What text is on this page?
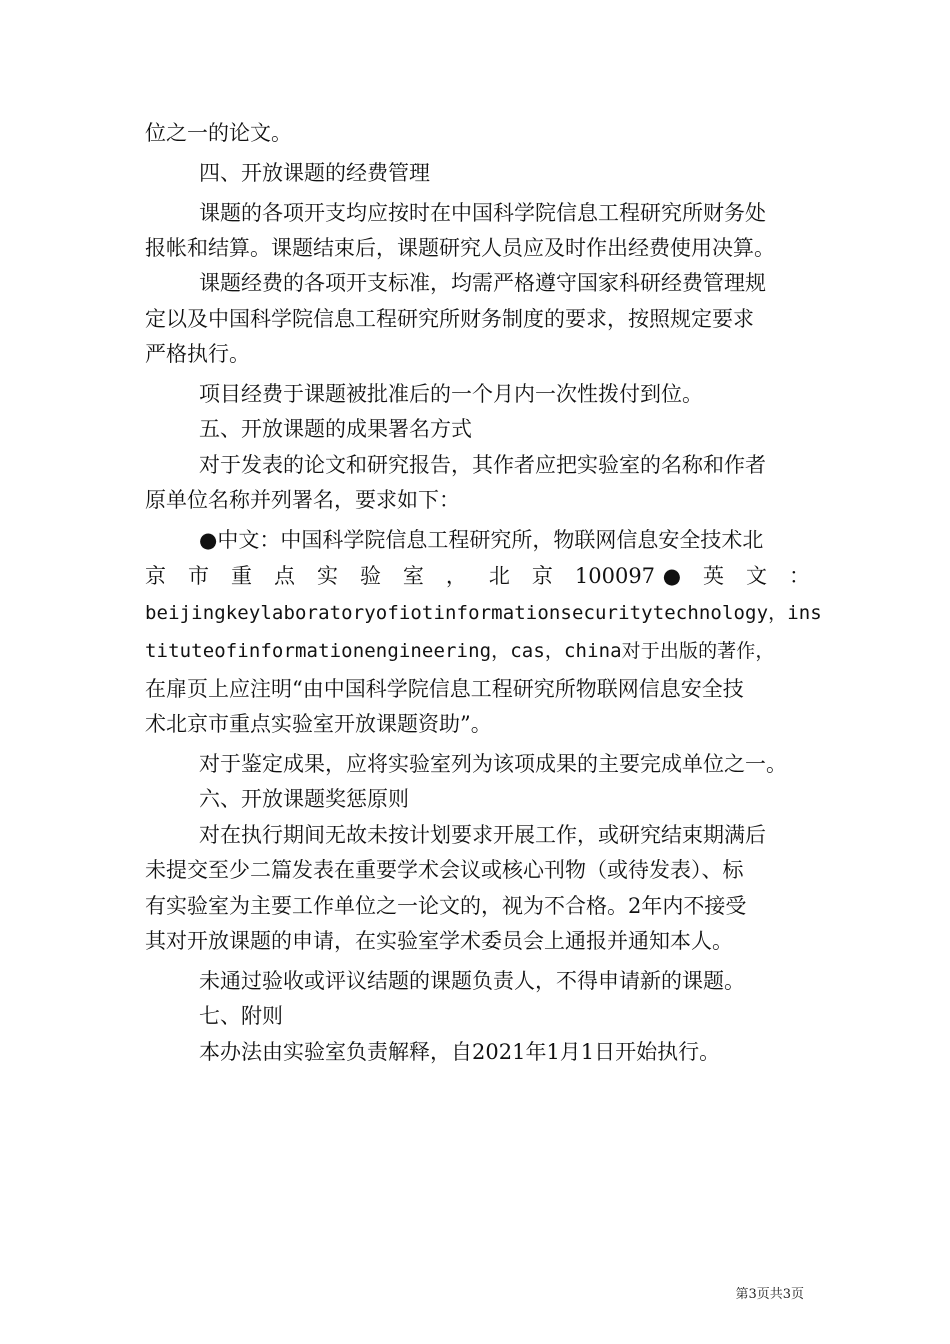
位之一的论文。
四、开放课题的经费管理
课题的各项开支均应按时在中国科学院信息工程研究所财务处
报帐和结算。课题结束后，课题研究人员应及时作出经费使用决算。
课题经费的各项开支标准，均需严格遵守国家科研经费管理规
定以及中国科学院信息工程研究所财务制度的要求，按照规定要求
严格执行。
项目经费于课题被批准后的一个月内一次性拨付到位。
五、开放课题的成果署名方式
对于发表的论文和研究报告，其作者应把实验室的名称和作者
原单位名称并列署名，要求如下：
●中文：中国科学院信息工程研究所，物联网信息安全技术北
京 市 重 点 实 验 室 ， 北 京 100097● 英 文 ：
beijingkeylaboratoryofiotinformationsecuritytechnology，ins
tituteofinformationengineering，cas，china对于出版的著作，
在扉页上应注明“由中国科学院信息工程研究所物联网信息安全技
术北京市重点实验室开放课题资助”。
对于鉴定成果，应将实验室列为该项成果的主要完成单位之一。
六、开放课题奖惩原则
对在执行期间无故未按计划要求开展工作，或研究结束期满后
未提交至少二篇发表在重要学术会议或核心刊物（或待发表）、标
有实验室为主要工作单位之一论文的，视为不合格。2年内不接受
其对开放课题的申请，在实验室学术委员会上通报并通知本人。
未通过验收或评议结题的课题负责人，不得申请新的课题。
七、附则
本办法由实验室负责解释，自2021年1月1日开始执行。
第3页共3页
